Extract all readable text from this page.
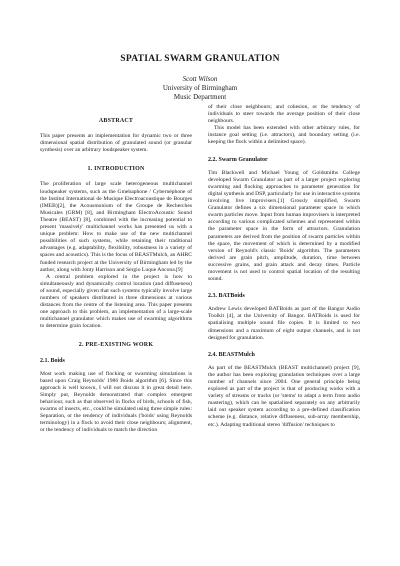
SPATIAL SWARM GRANULATION
Scott Wilson
University of Birmingham
Music Department
ABSTRACT

This paper presents an implementation for dynamic two or three dimensional spatial distribution of granulated sound (or granular synthesis) over an arbitrary loudspeaker system.

1. INTRODUCTION

The proliferation of large scale heterogeneous multichannel loudspeaker systems, such as the Gmebaphone / Cybernéphone of the Institut International de Musique Electroacoustique de Bourges (IMEB)[2], the Acousmonium of the Groupe de Recherches Musicales (GRM) [8], and Birmingham ElectroAcoustic Sound Theatre (BEAST) [8], combined with the increasing potential to present 'massively' multichannel works has presented us with a unique problem: How to make use of the new multichannel possibilities of such systems, while retaining their traditional advantages (e.g. adaptability, flexibility, robustness in a variety of spaces and acoustics). This is the focus of BEASTMulch, an AHRC funded research project at the University of Birmingham led by the author, along with Jonty Harrison and Sergio Luque Ancona.[9]

A central problem explored in the project is how to simultaneously and dynamically control location (and diffuseness) of sound, especially given that such systems typically involve large numbers of speakers distributed in three dimensions at various distances from the centre of the listening area. This paper presents one approach to this problem, an implementation of a large-scale multichannel granulator which makes use of swarming algorithms to determine grain location.

2. PRE-EXISTING WORK
2.1. Boids

Most work making use of flocking or swarming simulations is based upon Craig Reynolds' 1986 Boids algorithm [6]. Since this approach is well known, I will not discuss it in great detail here. Simply put, Reynolds demonstrated that complex emergent behaviour, such as that observed in flocks of birds, schools of fish, swarms of insects, etc., could be simulated using three simple rules: Separation, or the tendency of individuals ('boids' using Reynolds terminology) in a flock to avoid their close neighbours; alignment, or the tendency of individuals to match the direction

of their close neighbours; and cohesion, or the tendency of individuals to steer towards the average position of their close neighbours.

This model has been extended with other arbitrary rules, for instance goal setting (i.e. attractors), and boundary setting (i.e. keeping the flock within a delimited space).

2.2. Swarm Granulator

Tim Blackwell and Michael Young of Goldsmiths College developed Swarm Granulator as part of a larger project exploring swarming and flocking approaches to parameter generation for digital synthesis and DSP, particularly for use in interactive systems involving live improvisers.[1] Grossly simplified, Swarm Granulator defines a six dimensional parameter space in which swarm particles move. Input from human improvisers is interpreted according to various complicated schemes and represented within the parameter space in the form of attractors. Granulation parameters are derived from the position of swarm particles within the space, the movement of which is determined by a modified version of Reynold's classic 'Boids' algorithm. The parameters derived are grain pitch, amplitude, duration, time between successive grains, and grain attack and decay times. Particle movement is not used to control spatial location of the resulting sound.

2.3. BATBoids

Andrew Lewis developed BATBoids as part of the Bangor Audio Toolkit [4], at the University of Bangor. BATBoids is used for spatialising multiple sound file copies. It is limited to two dimensions and a maximum of eight output channels, and is not designed for granulation.

2.4. BEASTMulch

As part of the BEASTMulch (BEAST multichannel) project [9], the author has been exploring granulation techniques over a large number of channels since 2004. One general principle being explored as part of the project is that of producing works with a variety of streams or tracks (or 'stems' to adapt a term from audio mastering), which can be spatialised separately on any arbitrarily laid out speaker system according to a pre-defined classification scheme (e.g. distance, relative diffuseness, sub-array membership, etc.). Adapting traditional stereo 'diffusion' techniques to
